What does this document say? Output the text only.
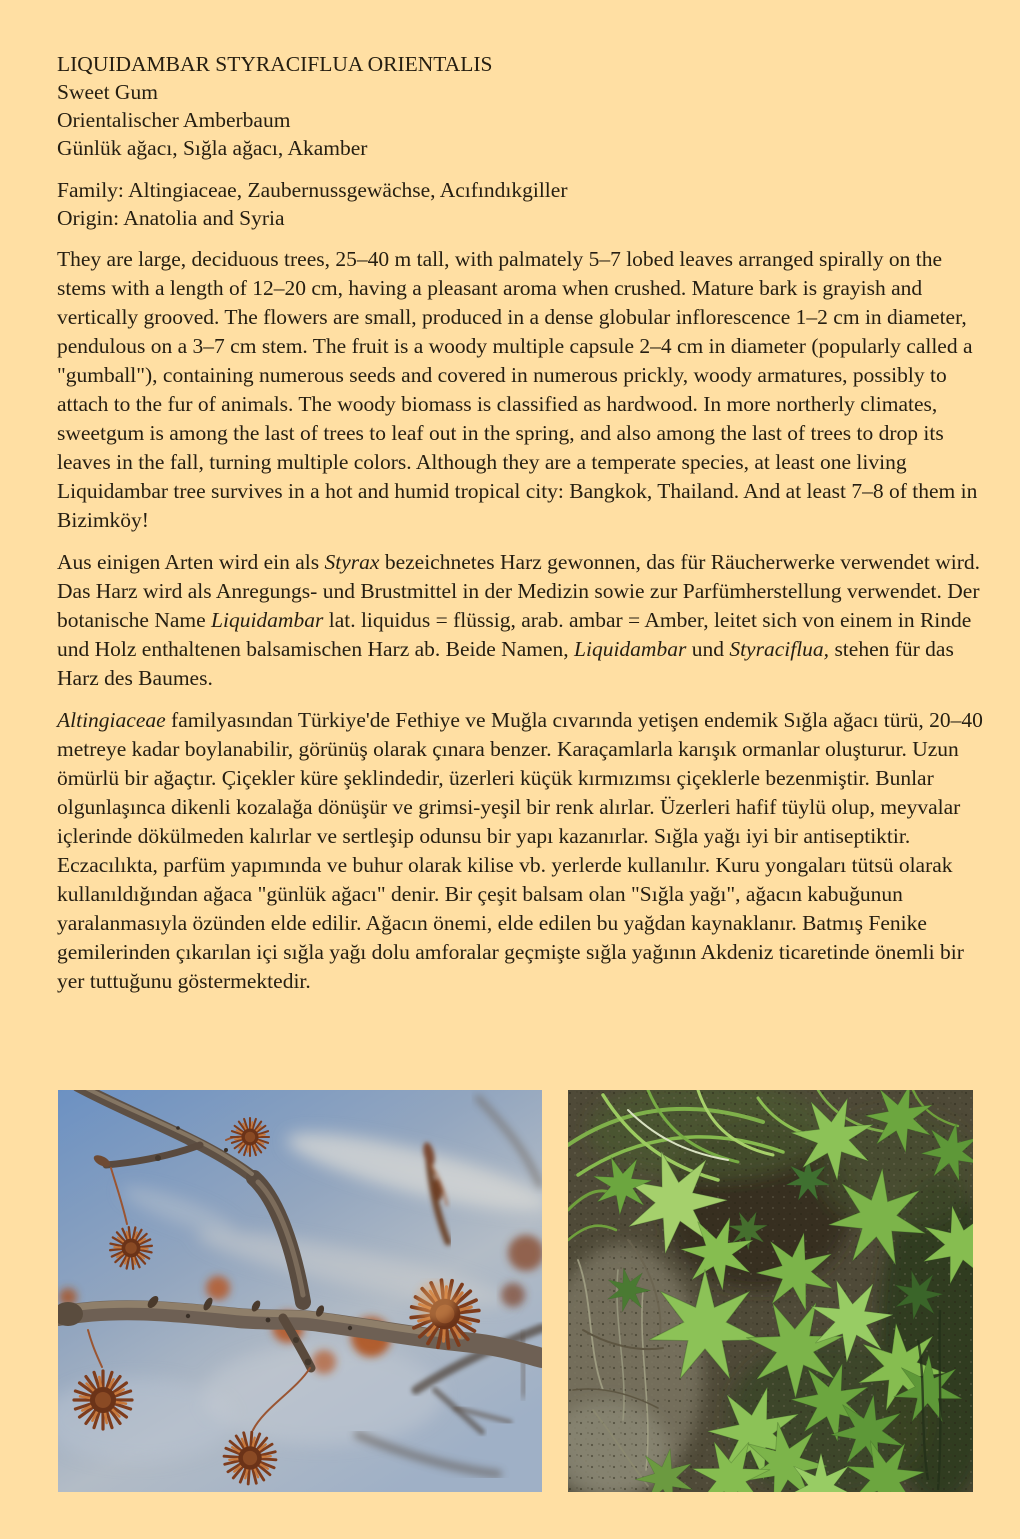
LIQUIDAMBAR STYRACIFLUA ORIENTALIS
Sweet Gum
Orientalischer Amberbaum
Günlük ağacı, Sığla ağacı, Akamber
Family: Altingiaceae, Zaubernussgewächse, Acıfındıkgiller
Origin: Anatolia and Syria

They are large, deciduous trees, 25–40 m tall, with palmately 5–7 lobed leaves arranged spirally on the stems with a length of 12–20 cm, having a pleasant aroma when crushed. Mature bark is grayish and vertically grooved. The flowers are small, produced in a dense globular inflorescence 1–2 cm in diameter, pendulous on a 3–7 cm stem. The fruit is a woody multiple capsule 2–4 cm in diameter (popularly called a "gumball"), containing numerous seeds and covered in numerous prickly, woody armatures, possibly to attach to the fur of animals. The woody biomass is classified as hardwood. In more northerly climates, sweetgum is among the last of trees to leaf out in the spring, and also among the last of trees to drop its leaves in the fall, turning multiple colors. Although they are a temperate species, at least one living Liquidambar tree survives in a hot and humid tropical city: Bangkok, Thailand. And at least 7–8 of them in Bizimköy!

Aus einigen Arten wird ein als Styrax bezeichnetes Harz gewonnen, das für Räucherwerke verwendet wird. Das Harz wird als Anregungs- und Brustmittel in der Medizin sowie zur Parfümherstellung verwendet. Der botanische Name Liquidambar lat. liquidus = flüssig, arab. ambar = Amber, leitet sich von einem in Rinde und Holz enthaltenen balsamischen Harz ab. Beide Namen, Liquidambar und Styraciflua, stehen für das Harz des Baumes.

Altingiaceae familyasından Türkiye'de Fethiye ve Muğla cıvarında yetişen endemik Sığla ağacı türü, 20–40 metreye kadar boylanabilir, görünüş olarak çınara benzer. Karaçamlarla karışık ormanlar oluşturur. Uzun ömürlü bir ağaçtır. Çiçekler küre şeklindedir, üzerleri küçük kırmızımsı çiçeklerle bezenmiştir. Bunlar olgunlaşınca dikenli kozalağa dönüşür ve grimsi-yeşil bir renk alırlar. Üzerleri hafif tüylü olup, meyvalar içlerinde dökülmeden kalırlar ve sertleşip odunsu bir yapı kazanırlar. Sığla yağı iyi bir antiseptiktir. Eczacılıkta, parfüm yapımında ve buhur olarak kilise vb. yerlerde kullanılır. Kuru yongaları tütsü olarak kullanıldığından ağaca "günlük ağacı" denir. Bir çeşit balsam olan "Sığla yağı", ağacın kabuğunun yaralanmasıyla özünden elde edilir. Ağacın önemi, elde edilen bu yağdan kaynaklanır. Batmış Fenike gemilerinden çıkarılan içi sığla yağı dolu amforalar geçmişte sığla yağının Akdeniz ticaretinde önemli bir yer tuttuğunu göstermektedir.
